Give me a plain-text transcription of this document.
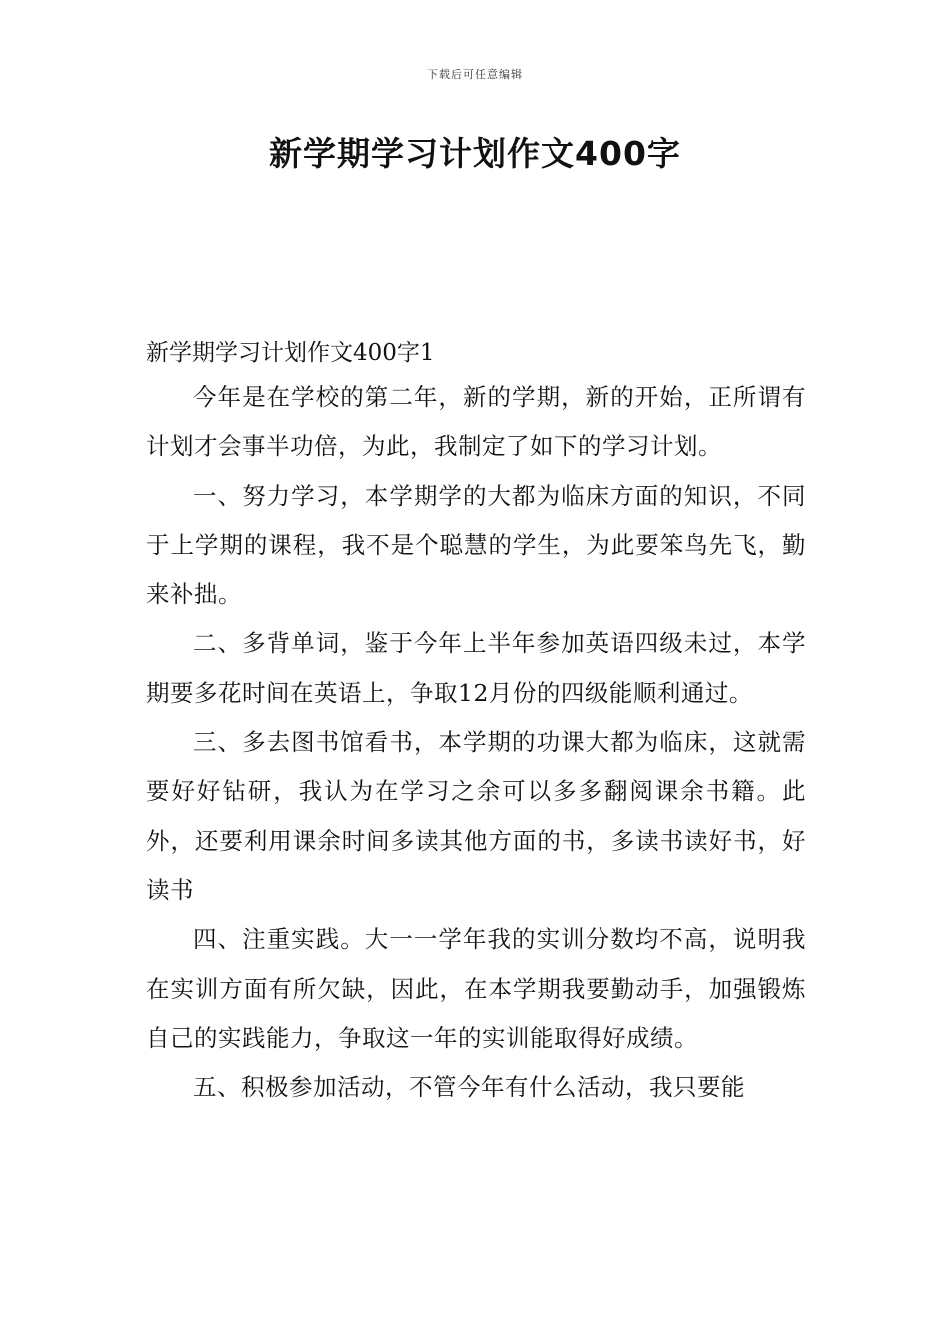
下载后可任意编辑
新学期学习计划作文400字
新学期学习计划作文400字1

今年是在学校的第二年，新的学期，新的开始，正所谓有计划才会事半功倍，为此，我制定了如下的学习计划。

一、努力学习，本学期学的大都为临床方面的知识，不同于上学期的课程，我不是个聪慧的学生，为此要笨鸟先飞，勤来补拙。

二、多背单词，鉴于今年上半年参加英语四级未过，本学期要多花时间在英语上，争取12月份的四级能顺利通过。

三、多去图书馆看书，本学期的功课大都为临床，这就需要好好钻研，我认为在学习之余可以多多翻阅课余书籍。此外，还要利用课余时间多读其他方面的书，多读书读好书，好读书

四、注重实践。大一一学年我的实训分数均不高，说明我在实训方面有所欠缺，因此，在本学期我要勤动手，加强锻炼自己的实践能力，争取这一年的实训能取得好成绩。

五、积极参加活动，不管今年有什么活动，我只要能
